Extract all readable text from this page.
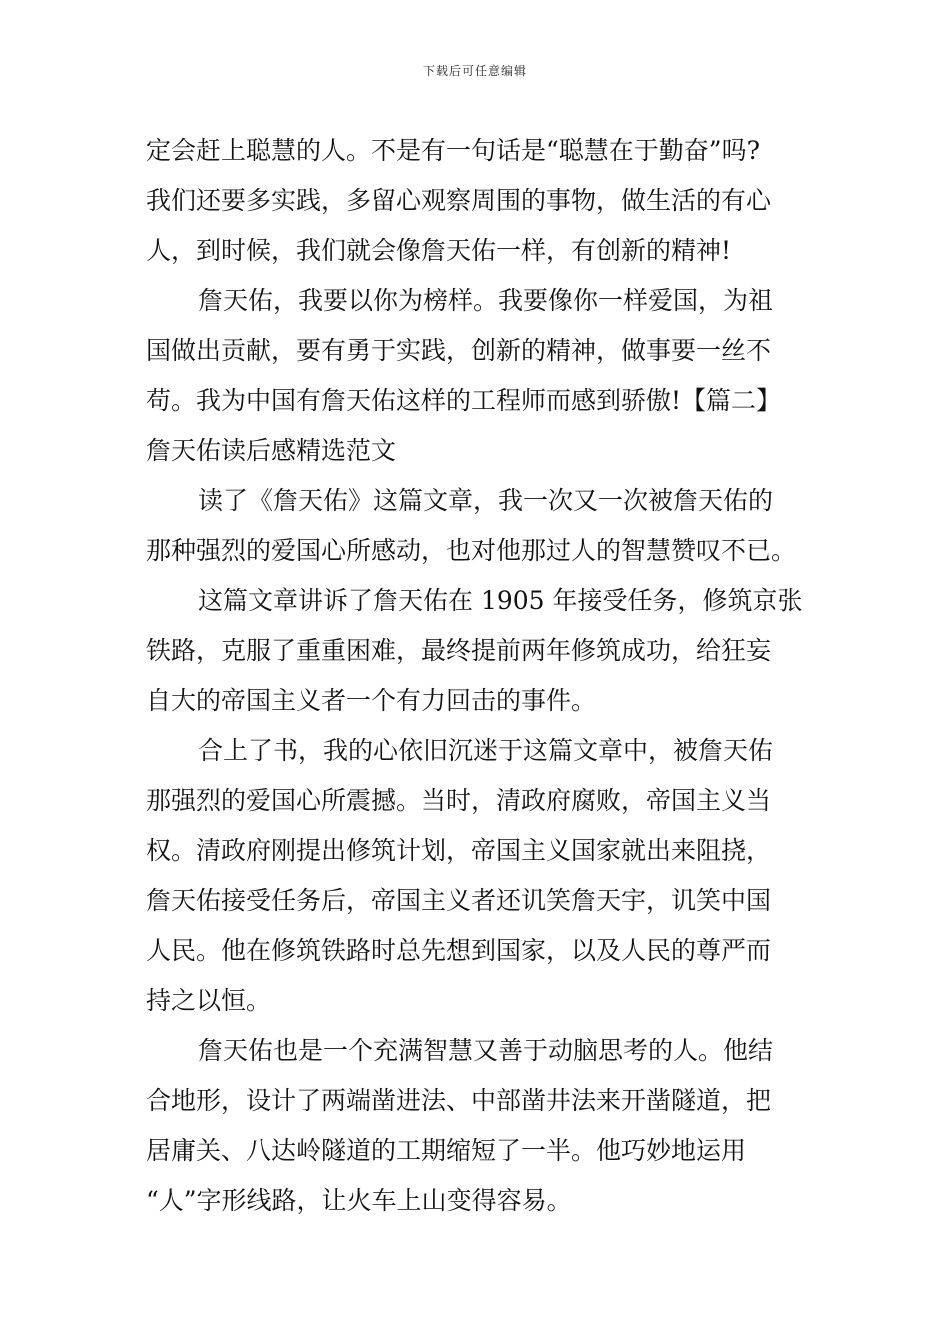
下载后可任意编辑
定会赶上聪慧的人。不是有一句话是“聪慧在于勤奋”吗?
我们还要多实践，多留心观察周围的事物，做生活的有心
人，到时候，我们就会像詹天佑一样，有创新的精神!
詹天佑，我要以你为榜样。我要像你一样爱国，为祖
国做出贡献，要有勇于实践，创新的精神，做事要一丝不
苟。我为中国有詹天佑这样的工程师而感到骄傲!【篇二】
詹天佑读后感精选范文
读了《詹天佑》这篇文章，我一次又一次被詹天佑的
那种强烈的爱国心所感动，也对他那过人的智慧赞叹不已。
这篇文章讲诉了詹天佑在 1905 年接受任务，修筑京张
铁路，克服了重重困难，最终提前两年修筑成功，给狂妄
自大的帝国主义者一个有力回击的事件。
合上了书，我的心依旧沉迷于这篇文章中，被詹天佑
那强烈的爱国心所震撼。当时，清政府腐败，帝国主义当
权。清政府刚提出修筑计划，帝国主义国家就出来阻挠，
詹天佑接受任务后，帝国主义者还讥笑詹天宇，讥笑中国
人民。他在修筑铁路时总先想到国家，以及人民的尊严而
持之以恒。
詹天佑也是一个充满智慧又善于动脑思考的人。他结
合地形，设计了两端凿进法、中部凿井法来开凿隧道，把
居庸关、八达岭隧道的工期缩短了一半。他巧妙地运用
“人”字形线路，让火车上山变得容易。
